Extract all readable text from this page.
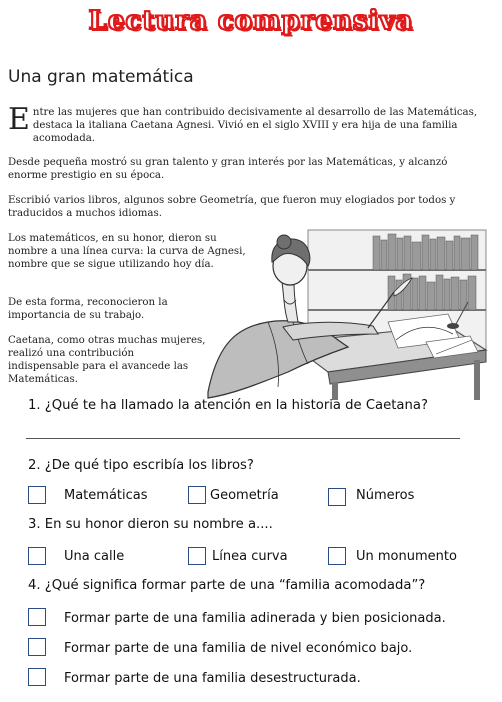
Lectura comprensiva
Una gran matemática
E ntre las mujeres que han contribuido decisivamente al desarrollo de las Matemáticas, destaca la italiana Caetana Agnesi. Vivió en el siglo XVIII y era hija de una familia acomodada.

Desde pequeña mostró su gran talento y gran interés por las Matemáticas, y alcanzó enorme prestigio en su época.
Escribió varios libros, algunos sobre Geometría, que fueron muy elogiados por todos y traducidos a muchos idiomas.
Los matemáticos, en su honor, dieron su nombre a una línea curva: la curva de Agnesi, nombre que se sigue utilizando hoy día.
De esta forma, reconocieron la importancia de su trabajo.
Caetana, como otras muchas mujeres, realizó una contribución indispensable para el avancede las Matemáticas.
1. ¿Qué te ha llamado la atención en la historia de Caetana?
2. ¿De qué tipo escribía los libros?
Matemáticas	Geometría	Números
3. En su honor dieron su nombre a....
Una calle	Línea curva	Un monumento
4. ¿Qué significa formar parte de una “familia acomodada”?
Formar parte de una familia adinerada y bien posicionada.
Formar parte de una familia de nivel económico bajo.
Formar parte de una familia desestructurada.
